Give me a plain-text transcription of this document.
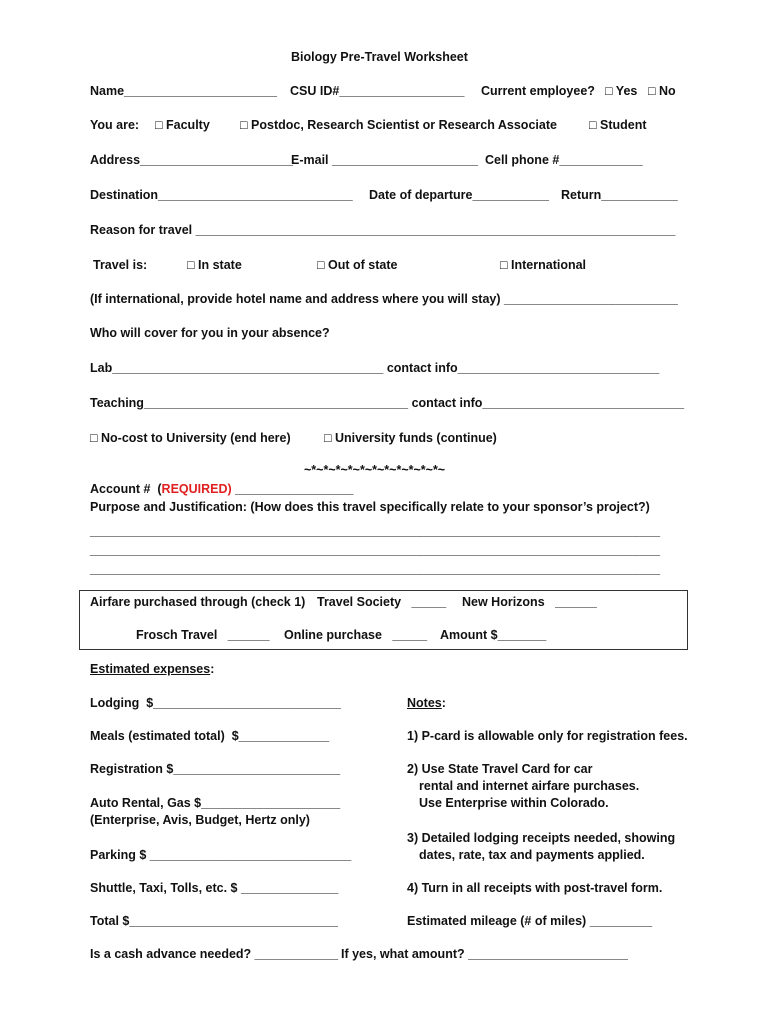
Biology Pre-Travel Worksheet
Name______________________ CSU ID#__________________ Current employee? □ Yes □ No
You are: □ Faculty □ Postdoc, Research Scientist or Research Associate	□ Student
Address______________________
E-mail _____________________ Cell phone #____________
Destination____________________________ Date of departure___________ Return___________
Reason for travel _____________________________________________________________________
Travel is:	□ In state	□ Out of state	□ International
(If international, provide hotel name and address where you will stay) _________________________
Who will cover for you in your absence?
Lab_______________________________________ contact info_____________________________
Teaching______________________________________ contact info_____________________________
□ No-cost to University (end here)	□ University funds (continue)
~*~*~*~*~*~*~*~*~*~*~*~
Account #  (REQUIRED) _________________
Purpose and Justification: (How does this travel specifically relate to your sponsor’s project?)
__________________________________________________________________________________
__________________________________________________________________________________
__________________________________________________________________________________
Airfare purchased through (check 1) Travel Society   _____ New Horizons   ______
Frosch Travel   ______ Online purchase   _____ Amount $_______
Estimated expenses:
Lodging  $___________________________	Notes:
Meals (estimated total)  $_____________	1) P-card is allowable only for registration fees.
Registration $________________________	2) Use State Travel Card for car
rental and internet airfare purchases.
Use Enterprise within Colorado.
Auto Rental, Gas $____________________
(Enterprise, Avis, Budget, Hertz only)
3) Detailed lodging receipts needed, showing
dates, rate, tax and payments applied.
Parking $ _____________________________
Shuttle, Taxi, Tolls, etc. $ ______________	4) Turn in all receipts with post-travel form.
Total $______________________________	Estimated mileage (# of miles) _________
Is a cash advance needed? ____________ If yes, what amount? _______________________
